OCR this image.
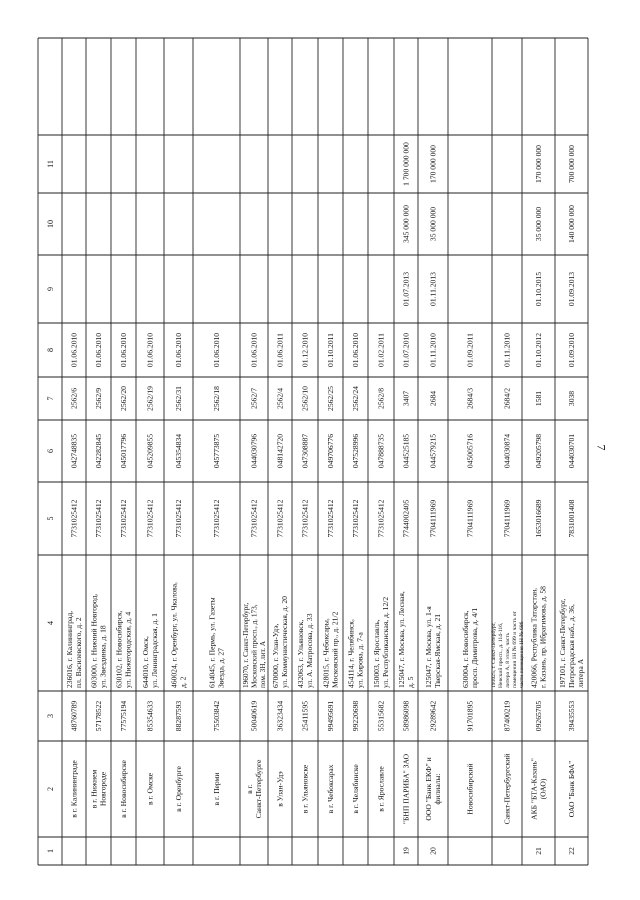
7
1
2
3
4
5
6
7
8
9
10
11
в г. Калининграде
48760789
236016, г. Калининград,пл. Василевского, д. 2
7731025412
042748835
2562/6
01.06.2010
в г. НижнемНовгороде
57178522
603000, г. Нижний Новгород,ул. Звездинка, д. 18
7731025412
042282845
2562/9
01.06.2010
в г. Новосибирске
77575194
630102, г. Новосибирск,ул. Нижегородская, д. 4
7731025412
045017796
2562/20
01.06.2010
в г. Омске
85354633
644010, г. Омск,ул. Ленинградская, д. 1
7731025412
045209855
2562/19
01.06.2010
в г. Оренбурге
88287593
460024, г. Оренбург, ул. Чкалова,д. 2
7731025412
045354834
2562/31
01.06.2010
в г. Перми
75503842
614045, г. Пермь, ул. ГазетыЗвезда, д. 27
7731025412
045773875
2562/18
01.06.2010
в г.Санкт-Петербурге
50040619
196070, г. Санкт-Петербург,Московский просп., д. 173,пом. 3Н, лит. А
7731025412
044030796
2562/7
01.06.2010
в Улан-Удэ
36323434
670000, г. Улан-Удэ,ул. Коммунистическая, д. 20
7731025412
048142720
2562/4
01.06.2011
в г. Ульяновске
25411595
432063, г. Ульяновск,ул. А. Матросова, д. 33
7731025412
047308887
2562/10
01.12.2010
в г. Чебоксарах
99495691
428015, г. Чебоксары,Московский пр., д. 21/2
7731025412
049706776
2562/25
01.10.2011
в г. Челябинске
99220698
454114, г. Челябинск,ул. Кирова, д. 7-а
7731025412
047528996
2562/24
01.06.2010
в г. Ярославле
55315682
150003, г. Ярославль,ул. Республиканская, д. 12/2
7731025412
047888735
2562/8
01.02.2011
19
"БНП ПАРИБА" ЗАО
58986098
125047, г. Москва, ул. Лесная,д. 5
7744002405
044525185
3407
01.07.2010
01.07.2013
345 000 000
1 700 000 000
20
ООО "Банк ЕКФ" ифилиалы:
29289642
125047, г. Москва, ул. 1-яТверская-Ямская, д. 21
7704111969
044579215
2684
01.11.2010
01.11.2013
35 000 000
170 000 000
Новосибирский
91701895
630004, г. Новосибирск,просп. Димитрова, д. 4/1
7704111969
045005716
2684/3
01.09.2011
Санкт-Петербургский
87400219
191025, г. Санкт-Петербург,Невский просп., д. 114-116,литера А, 8 этаж, частьпомещения 1Н № 699 и часть отчасти помещения 1Н № 686
7704111969
044030874
2684/2
01.11.2010
21
АКБ "БТА-Казань"(ОАО)
09265705
420066, Республика Татарстан,г. Казань, пр. Ибрагимова, д. 58
1653016689
049205798
1581
01.10.2012
01.10.2015
35 000 000
170 000 000
22
ОАО "Банк БФА"
39435553
197101, г. Санкт-Петербург,Петроградская наб., д. 36,литера А
7831001408
044030701
3038
01.09.2010
01.09.2013
140 000 000
700 000 000
